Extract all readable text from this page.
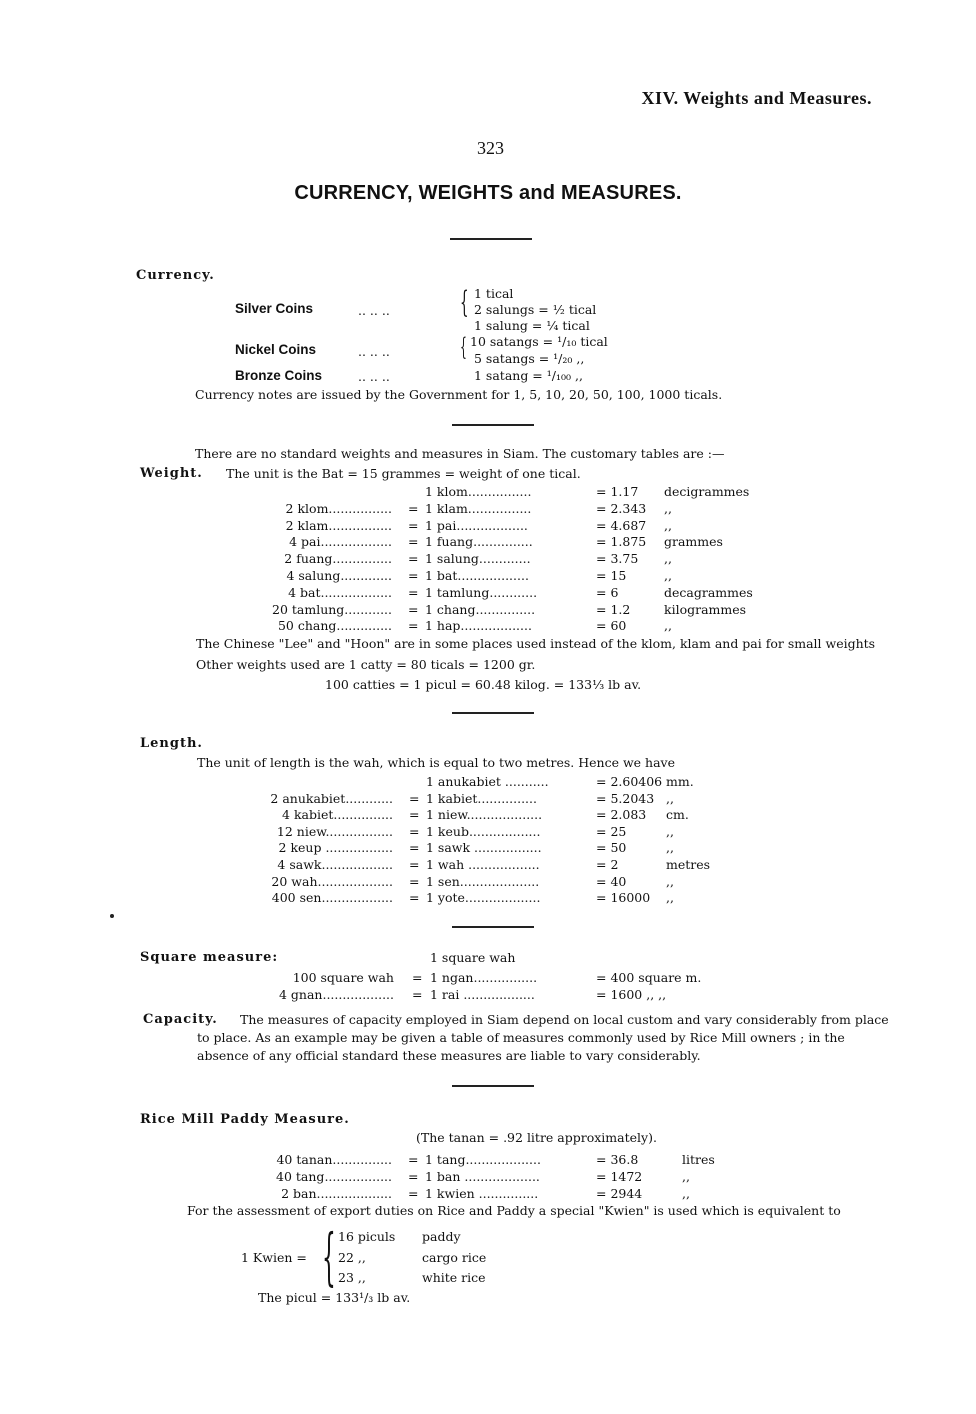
XIV. Weights and Measures.
323
CURRENCY, WEIGHTS and MEASURES.
Currency.
Silver Coins	.. .. .. { 1 tical
2 salungs = ½ tical
1 salung = ¼ tical
Nickel Coins	.. .. ..	{ 10 satangs = ¹/₁₀ tical
5 satangs = ¹/₂₀ ,,
Bronze Coins	.. .. ..	1 satang = ¹/₁₀₀ ,,
Currency notes are issued by the Government for 1, 5, 10, 20, 50, 100, 1000 ticals.
There are no standard weights and measures in Siam. The customary tables are :—
Weight. The unit is the Bat = 15 grammes = weight of one tical.
1 klom................	= 1.17 decigrammes
2 klom................ = 1 klam................	= 2.343 ,,
2 klam................ = 1 pai..................	= 4.687 ,,
4 pai.................. = 1 fuang...............	= 1.875 grammes
2 fuang............... = 1 salung.............	= 3.75 ,,
4 salung............. = 1 bat..................	= 15	,,
4 bat.................. = 1 tamlung............	= 6	decagrammes
20 tamlung............ = 1 chang...............	= 1.2	kilogrammes
50 chang.............. = 1 hap..................	= 60	,,
The Chinese "Lee" and "Hoon" are in some places used instead of the klom, klam and pai for small weights
Other weights used are 1 catty = 80 ticals = 1200 gr.
100 catties = 1 picul = 60.48 kilog. = 133⅓ lb av.
Length.
The unit of length is the wah, which is equal to two metres. Hence we have
1 anukabiet ...........	= 2.60406 mm.
2 anukabiet............ = 1 kabiet...............	= 5.2043 ,,
4 kabiet............... = 1 niew...................	= 2.083 cm.
12 niew................. = 1 keub..................	= 25	,,
2 keup ................. = 1 sawk .................	= 50	,,
4 sawk.................. = 1 wah ..................	= 2	metres
20 wah................... = 1 sen....................	= 40	,,
400 sen.................. = 1 yote...................	= 16000 ,,
Square measure:	1 square wah
100 square wah = 1 ngan................	= 400 square m.
4 gnan.................. = 1 rai ..................	= 1600 ,, ,,
Capacity. The measures of capacity employed in Siam depend on local custom and vary considerably from place
to place. As an example may be given a table of measures commonly used by Rice Mill owners ; in the
absence of any official standard these measures are liable to vary considerably.
Rice Mill Paddy Measure.
(The tanan = .92 litre approximately).
40 tanan............... = 1 tang...................	= 36.8	litres
40 tang................. = 1 ban ...................	= 1472	,,
2 ban................... = 1 kwien ...............	= 2944	,,
For the assessment of export duties on Rice and Paddy a special "Kwien" is used which is equivalent to
1 Kwien = { 16 piculs paddy
22 ,,	cargo rice
23 ,,	white rice
The picul = 133¹/₃ lb av.
